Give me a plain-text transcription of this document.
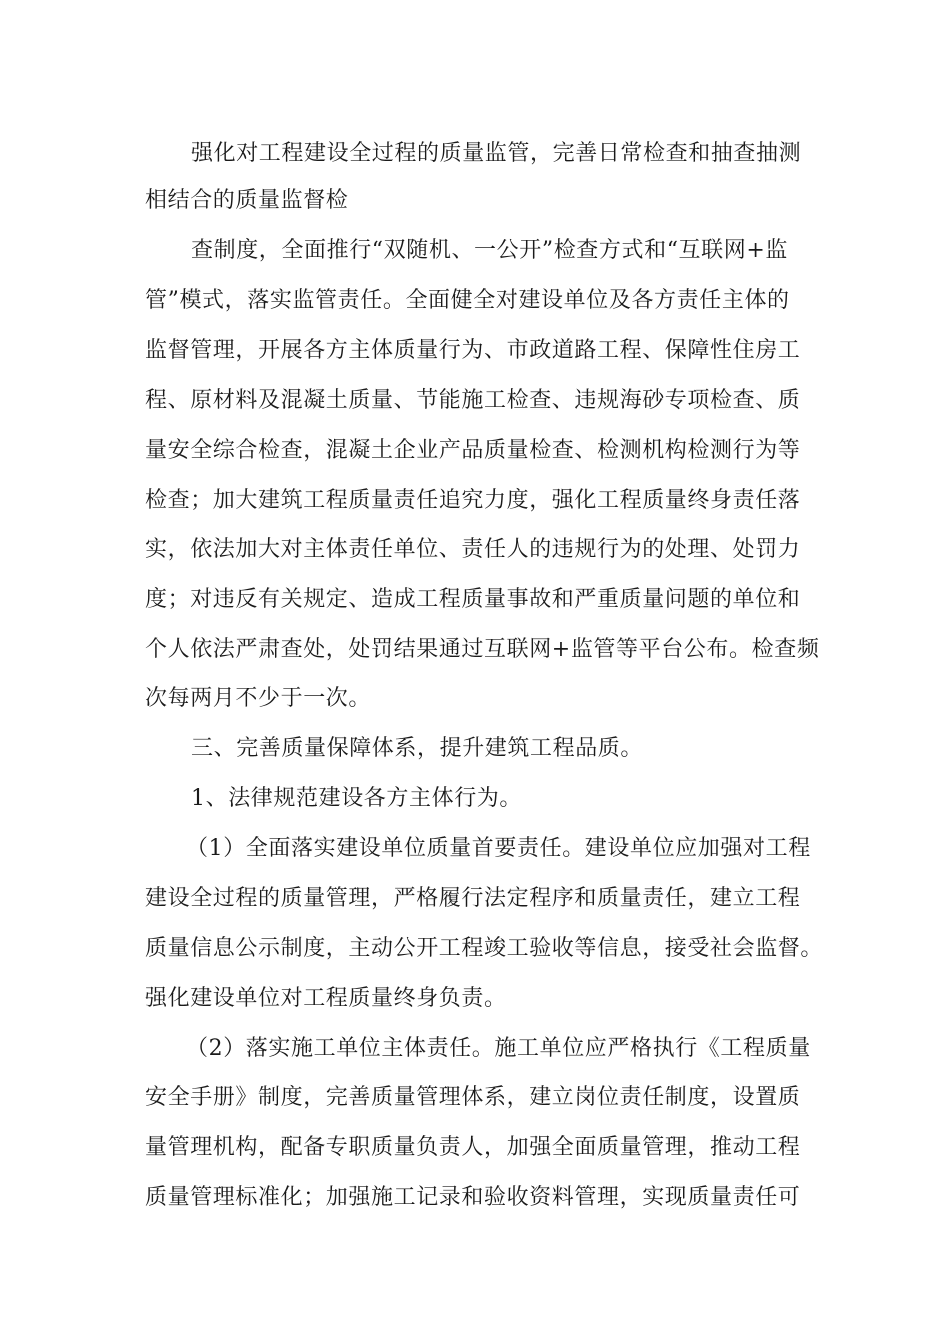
强化对工程建设全过程的质量监管，完善日常检查和抽查抽测

相结合的质量监督检

查制度，全面推行“双随机、一公开”检查方式和“互联网+监

管”模式，落实监管责任。全面健全对建设单位及各方责任主体的

监督管理，开展各方主体质量行为、市政道路工程、保障性住房工

程、原材料及混凝土质量、节能施工检查、违规海砂专项检查、质

量安全综合检查，混凝土企业产品质量检查、检测机构检测行为等

检查；加大建筑工程质量责任追究力度，强化工程质量终身责任落

实，依法加大对主体责任单位、责任人的违规行为的处理、处罚力

度；对违反有关规定、造成工程质量事故和严重质量问题的单位和

个人依法严肃查处，处罚结果通过互联网+监管等平台公布。检查频

次每两月不少于一次。

三、完善质量保障体系，提升建筑工程品质。

1、法律规范建设各方主体行为。

（1）全面落实建设单位质量首要责任。建设单位应加强对工程

建设全过程的质量管理，严格履行法定程序和质量责任，建立工程

质量信息公示制度，主动公开工程竣工验收等信息，接受社会监督。

强化建设单位对工程质量终身负责。

（2）落实施工单位主体责任。施工单位应严格执行《工程质量

安全手册》制度，完善质量管理体系，建立岗位责任制度，设置质

量管理机构，配备专职质量负责人，加强全面质量管理，推动工程

质量管理标准化；加强施工记录和验收资料管理，实现质量责任可
